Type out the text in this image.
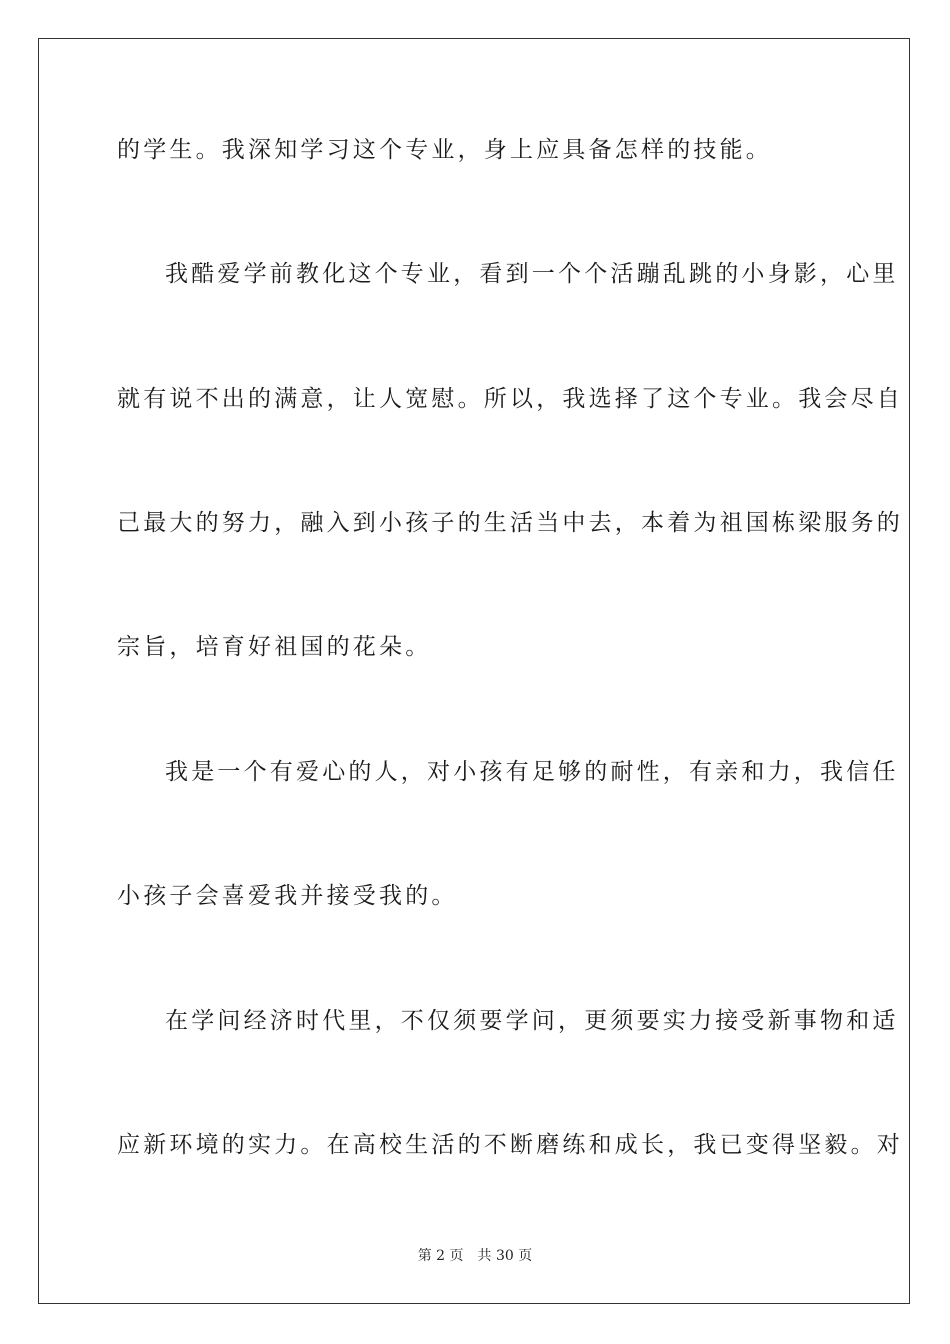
的学生。我深知学习这个专业，身上应具备怎样的技能。
我酷爱学前教化这个专业，看到一个个活蹦乱跳的小身影，心里
就有说不出的满意，让人宽慰。所以，我选择了这个专业。我会尽自
己最大的努力，融入到小孩子的生活当中去，本着为祖国栋梁服务的
宗旨，培育好祖国的花朵。
我是一个有爱心的人，对小孩有足够的耐性，有亲和力，我信任
小孩子会喜爱我并接受我的。
在学问经济时代里，不仅须要学问，更须要实力接受新事物和适
应新环境的实力。在高校生活的不断磨练和成长，我已变得坚毅。对
第 2 页 共 30 页
